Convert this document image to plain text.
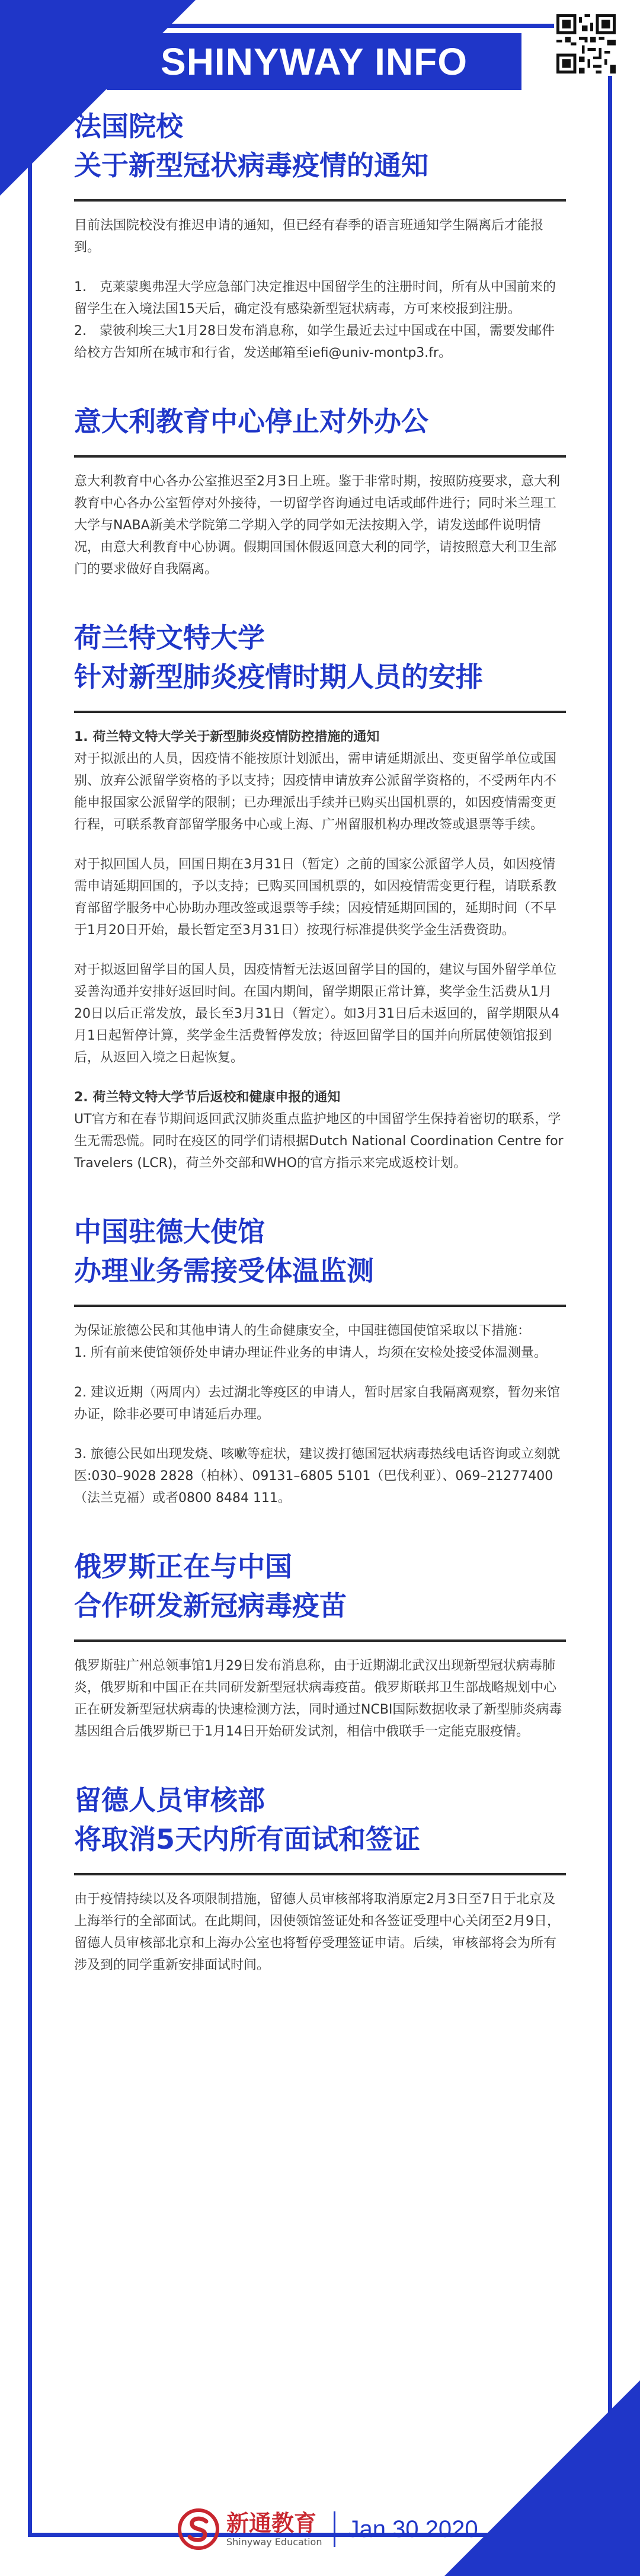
SHINYWAY INFO
法国院校
关于新型冠状病毒疫情的通知

目前法国院校没有推迟申请的通知，但已经有春季的语言班通知学生隔离后才能报到。

1.　克莱蒙奥弗涅大学应急部门决定推迟中国留学生的注册时间，所有从中国前来的留学生在入境法国15天后，确定没有感染新型冠状病毒，方可来校报到注册。

2.　蒙彼利埃三大1月28日发布消息称，如学生最近去过中国或在中国，需要发邮件给校方告知所在城市和行省，发送邮箱至iefi@univ-montp3.fr。

意大利教育中心停止对外办公

意大利教育中心各办公室推迟至2月3日上班。鉴于非常时期，按照防疫要求，意大利教育中心各办公室暂停对外接待，一切留学咨询通过电话或邮件进行；同时米兰理工大学与NABA新美术学院第二学期入学的同学如无法按期入学，请发送邮件说明情况，由意大利教育中心协调。假期回国休假返回意大利的同学，请按照意大利卫生部门的要求做好自我隔离。

荷兰特文特大学
针对新型肺炎疫情时期人员的安排

1. 荷兰特文特大学关于新型肺炎疫情防控措施的通知

对于拟派出的人员，因疫情不能按原计划派出，需申请延期派出、变更留学单位或国别、放弃公派留学资格的予以支持；因疫情申请放弃公派留学资格的，不受两年内不能申报国家公派留学的限制；已办理派出手续并已购买出国机票的，如因疫情需变更行程，可联系教育部留学服务中心或上海、广州留服机构办理改签或退票等手续。

对于拟回国人员，回国日期在3月31日（暂定）之前的国家公派留学人员，如因疫情需申请延期回国的，予以支持；已购买回国机票的，如因疫情需变更行程，请联系教育部留学服务中心协助办理改签或退票等手续；因疫情延期回国的，延期时间（不早于1月20日开始，最长暂定至3月31日）按现行标准提供奖学金生活费资助。

对于拟返回留学目的国人员，因疫情暂无法返回留学目的国的，建议与国外留学单位妥善沟通并安排好返回时间。在国内期间，留学期限正常计算，奖学金生活费从1月20日以后正常发放，最长至3月31日（暂定）。如3月31日后未返回的，留学期限从4月1日起暂停计算，奖学金生活费暂停发放；待返回留学目的国并向所属使领馆报到后，从返回入境之日起恢复。

2. 荷兰特文特大学节后返校和健康申报的通知

UT官方和在春节期间返回武汉肺炎重点监护地区的中国留学生保持着密切的联系，学生无需恐慌。同时在疫区的同学们请根据Dutch National Coordination Centre for Travelers (LCR)，荷兰外交部和WHO的官方指示来完成返校计划。

中国驻德大使馆
办理业务需接受体温监测

为保证旅德公民和其他申请人的生命健康安全，中国驻德国使馆采取以下措施：

1. 所有前来使馆领侨处申请办理证件业务的申请人，均须在安检处接受体温测量。

2. 建议近期（两周内）去过湖北等疫区的申请人，暂时居家自我隔离观察，暂勿来馆办证，除非必要可申请延后办理。

3. 旅德公民如出现发烧、咳嗽等症状，建议拨打德国冠状病毒热线电话咨询或立刻就医:030–9028 2828（柏林）、09131–6805 5101（巴伐利亚）、069–21277400（法兰克福）或者0800 8484 111。

俄罗斯正在与中国
合作研发新冠病毒疫苗

俄罗斯驻广州总领事馆1月29日发布消息称，由于近期湖北武汉出现新型冠状病毒肺炎，俄罗斯和中国正在共同研发新型冠状病毒疫苗。俄罗斯联邦卫生部战略规划中心正在研发新型冠状病毒的快速检测方法，同时通过NCBI国际数据收录了新型肺炎病毒基因组合后俄罗斯已于1月14日开始研发试剂，相信中俄联手一定能克服疫情。

留德人员审核部
将取消5天内所有面试和签证

由于疫情持续以及各项限制措施，留德人员审核部将取消原定2月3日至7日于北京及上海举行的全部面试。在此期间，因使领馆签证处和各签证受理中心关闭至2月9日，留德人员审核部北京和上海办公室也将暂停受理签证申请。后续，审核部将会为所有涉及到的同学重新安排面试时间。

新通教育
Shinyway Education Jan.30.2020
